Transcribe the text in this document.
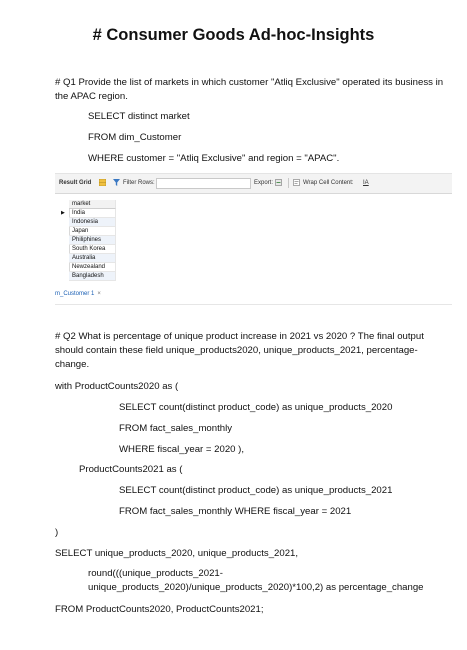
# Consumer Goods Ad-hoc-Insights
# Q1 Provide the list of markets in which customer "Atliq Exclusive" operated its business in
the APAC region.
SELECT distinct market
FROM dim_Customer
WHERE customer = "Atliq Exclusive" and region = "APAC".
Result Grid	Filter Rows:	Export:	Wrap Cell Content: IA
market
▶
India
Indonesia
Japan
Philiphines
South Korea
Australia
Newzealand
Bangladesh
m_Customer 1 ×
# Q2 What is percentage of unique product increase in 2021 vs 2020 ? The final output
should contain these field unique_products2020, unique_products_2021, percentage-
change.
with ProductCounts2020 as (
SELECT count(distinct product_code) as unique_products_2020
FROM fact_sales_monthly
WHERE fiscal_year = 2020 ),
ProductCounts2021 as (
SELECT count(distinct product_code) as unique_products_2021
FROM fact_sales_monthly WHERE fiscal_year = 2021
)
SELECT unique_products_2020, unique_products_2021,
round(((unique_products_2021-
unique_products_2020)/unique_products_2020)*100,2) as percentage_change
FROM ProductCounts2020, ProductCounts2021;
